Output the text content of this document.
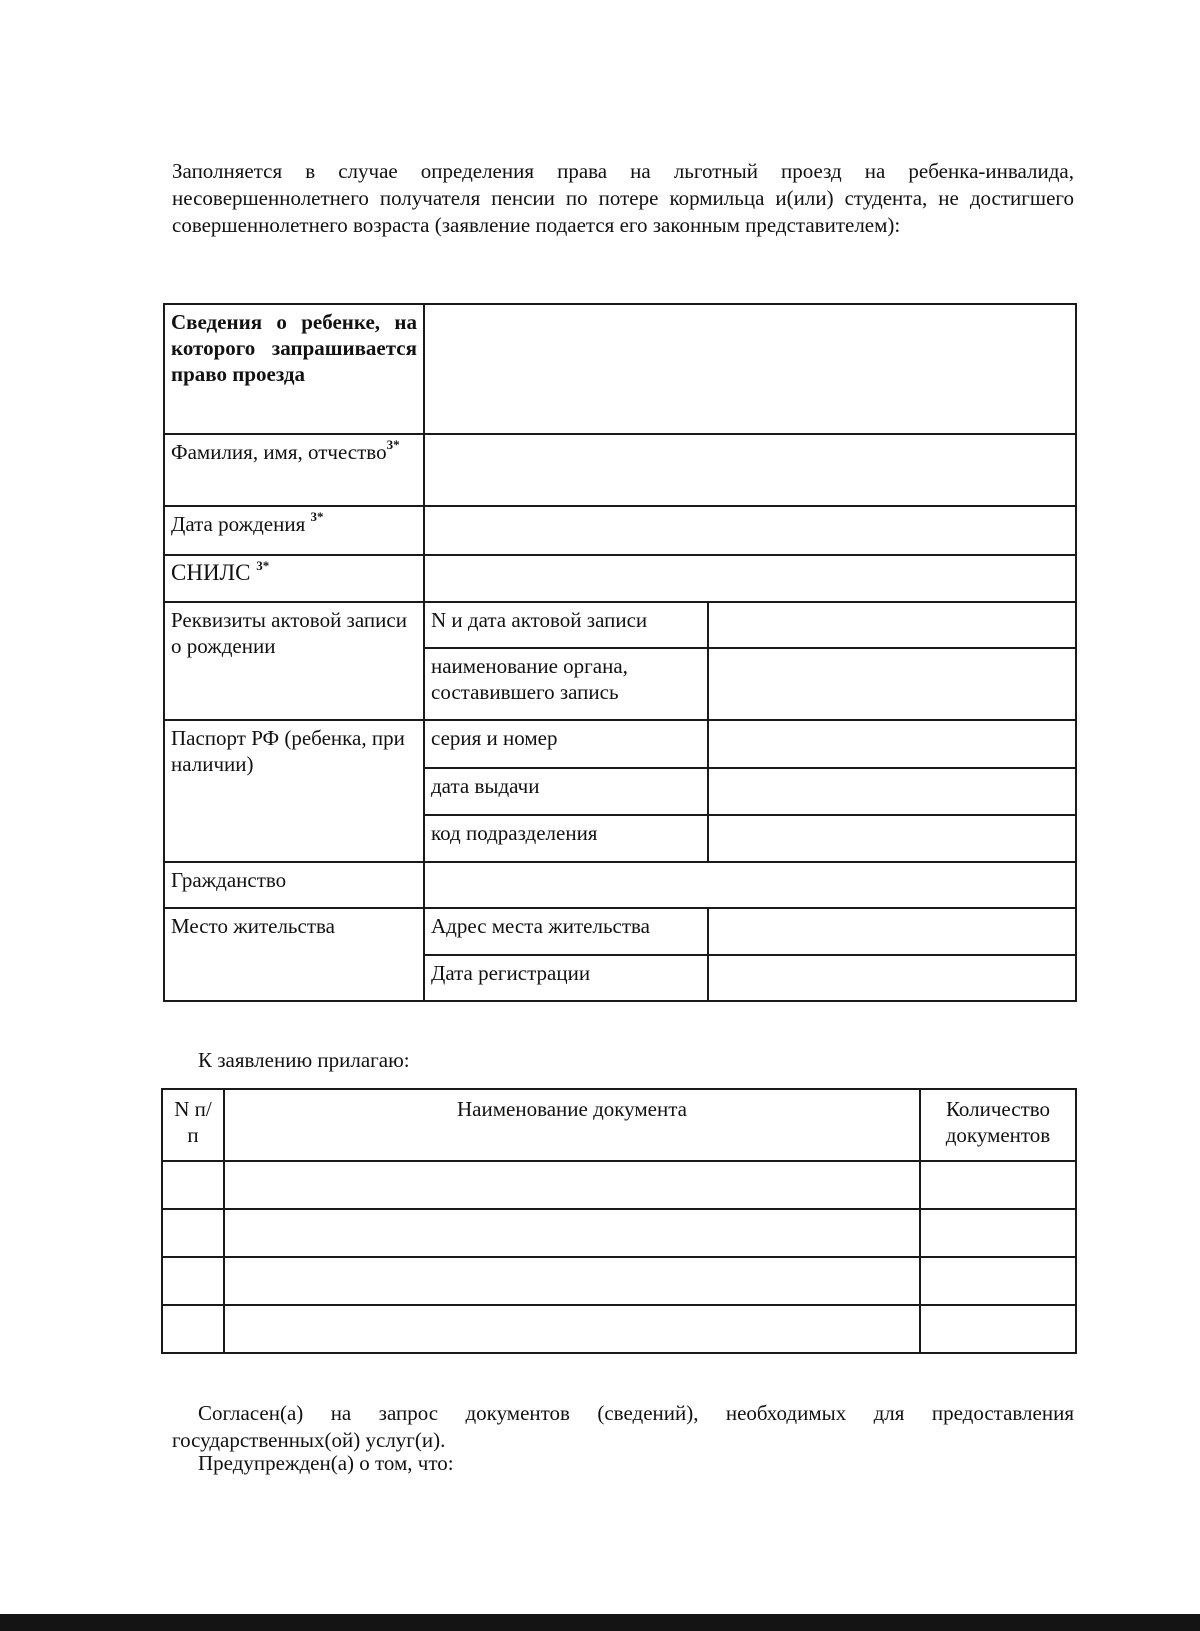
Заполняется в случае определения права на льготный проезд на ребенка-инвалида, несовершеннолетнего получателя пенсии по потере кормильца и(или) студента, не достигшего совершеннолетнего возраста (заявление подается его законным представителем):

Сведения о ребенке, на которого запрашивается право проезда		
Фамилия, имя, отчество$^{3*}$	
Дата рождения $^{3*}$	
СНИЛС $^{3*}$	
Реквизиты актовой записи о рождении	N и дата актовой записи	
	наименование органа, составившего запись	
Паспорт РФ (ребенка, при наличии)	серия и номер	
	дата выдачи	
	код подразделения	
Гражданство		
Место жительства	Адрес места жительства	
	Дата регистрации	

К заявлению прилагаю:

N п/п	Наименование документа	Количество документов

Согласен(а) на запрос документов (сведений), необходимых для предоставления государственных(ой) услуг(и).

Предупрежден(а) о том, что:
